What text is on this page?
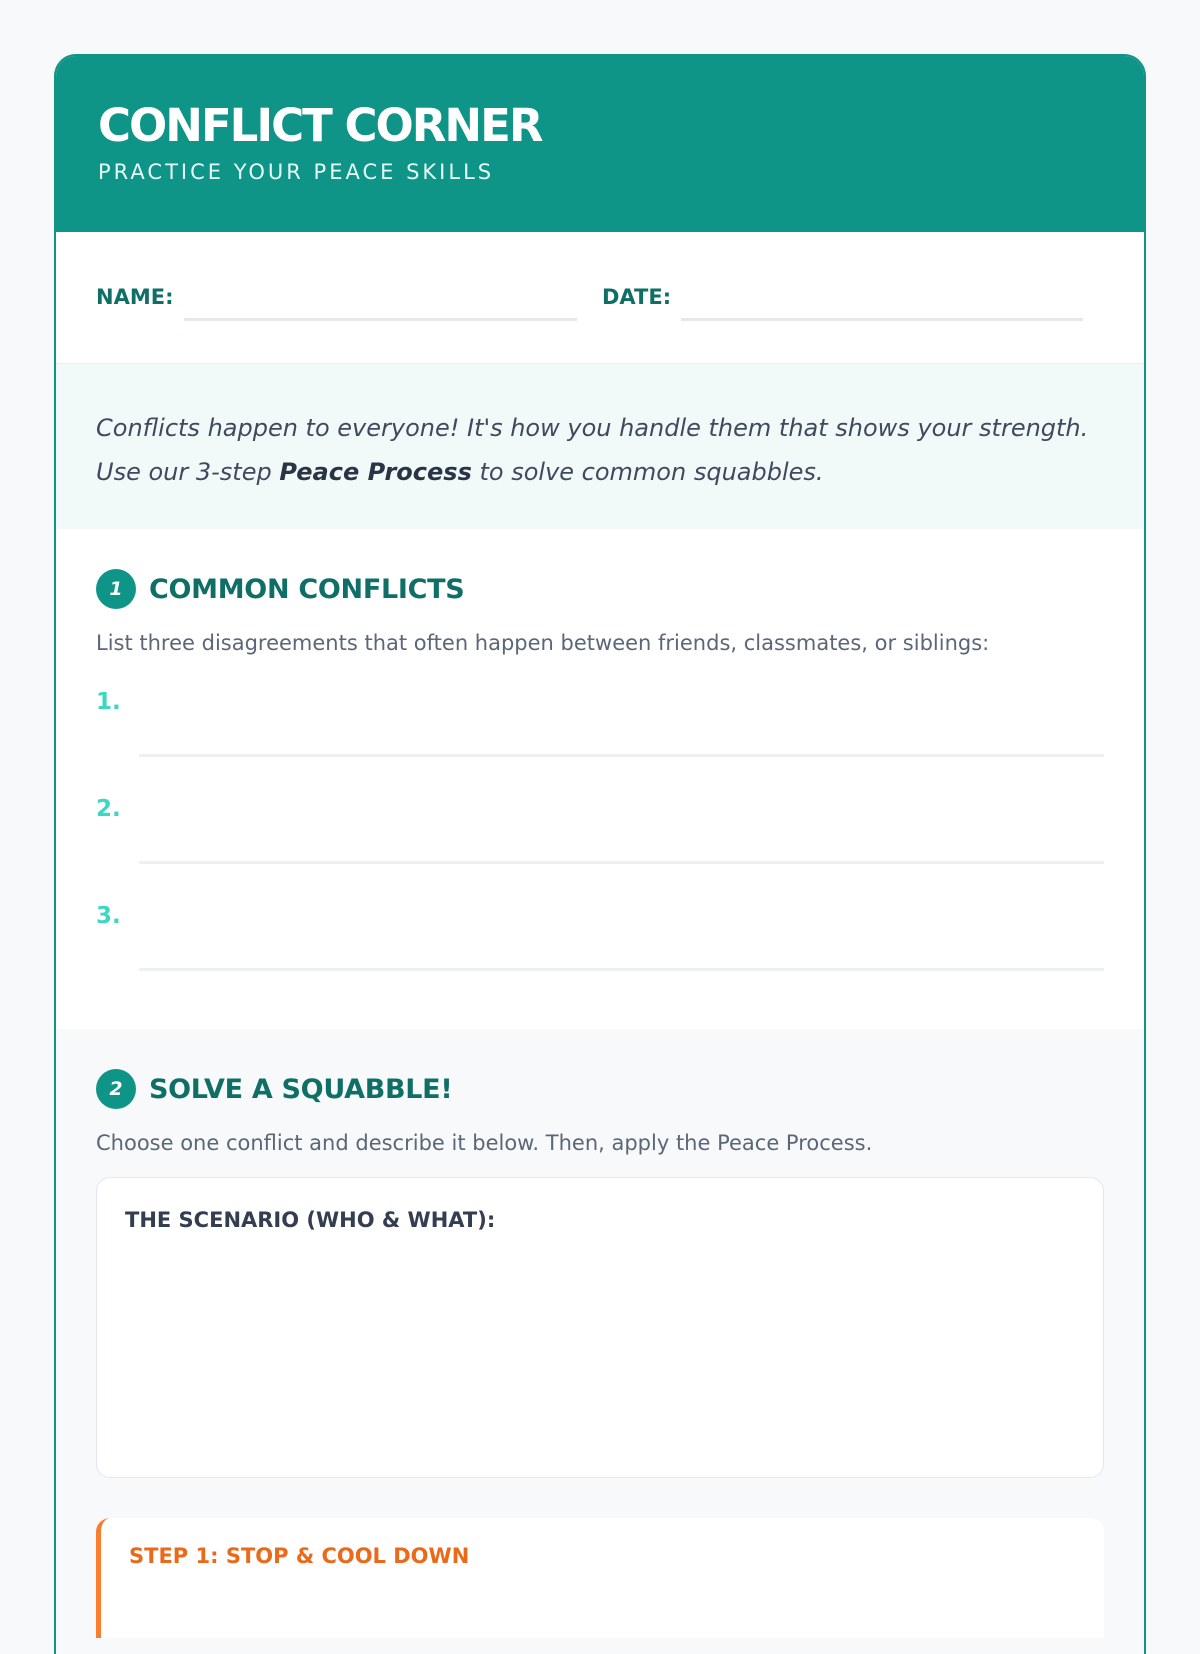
CONFLICT CORNER
PRACTICE YOUR PEACE SKILLS
NAME:	DATE:
Conflicts happen to everyone! It's how you handle them that shows your strength.
Use our 3-step Peace Process to solve common squabbles.
1 COMMON CONFLICTS
List three disagreements that often happen between friends, classmates, or siblings:
1.
2.
3.
2 SOLVE A SQUABBLE!
Choose one conflict and describe it below. Then, apply the Peace Process.
THE SCENARIO (WHO & WHAT):
STEP 1: STOP & COOL DOWN
